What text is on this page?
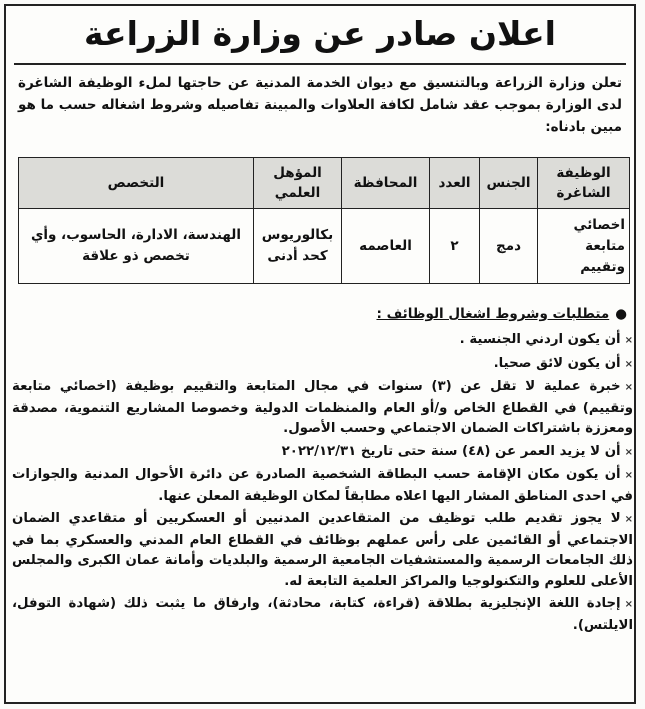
اعلان صادر عن وزارة الزراعة
تعلن وزارة الزراعة وبالتنسيق مع ديوان الخدمة المدنية عن حاجتها لملء الوظيفة الشاغرة لدى الوزارة بموجب عقد شامل لكافة العلاوات والمبينة تفاصيله وشروط اشغاله حسب ما هو مبين بادناه:
الوظيفة الشاغرة	الجنس	العدد	المحافظة	المؤهل العلمي	التخصص
اخصائي متابعة وتقييم	دمج	٢	العاصمه	بكالوريوس كحد أدنى	الهندسة، الادارة، الحاسوب، وأي تخصص ذو علاقة
●متطلبات وشروط اشغال الوظائف :
×أن يكون اردني الجنسية .
×أن يكون لائق صحيا.
×خبرة عملية لا تقل عن (٣) سنوات في مجال المتابعة والتقييم بوظيفة (اخصائي متابعة وتقييم) في القطاع الخاص و/أو العام والمنظمات الدولية وخصوصا المشاريع التنموية، مصدقة ومعززة باشتراكات الضمان الاجتماعي وحسب الأصول.
×أن لا يزيد العمر عن (٤٨) سنة حتى تاريخ ٢٠٢٢/١٢/٣١
×أن يكون مكان الإقامة حسب البطاقة الشخصية الصادرة عن دائرة الأحوال المدنية والجوازات في احدى المناطق المشار اليها اعلاه مطابقاً لمكان الوظيفة المعلن عنها.
×لا يجوز تقديم طلب توظيف من المتقاعدين المدنيين أو العسكريين أو متقاعدي الضمان الاجتماعي أو القائمين على رأس عملهم بوظائف في القطاع العام المدني والعسكري بما في ذلك الجامعات الرسمية والمستشفيات الجامعية الرسمية والبلديات وأمانة عمان الكبرى والمجلس الأعلى للعلوم والتكنولوجيا والمراكز العلمية التابعة له.
×إجادة اللغة الإنجليزية بطلاقة (قراءة، كتابة، محادثة)، وارفاق ما يثبت ذلك (شهادة التوفل، الايلتس).
